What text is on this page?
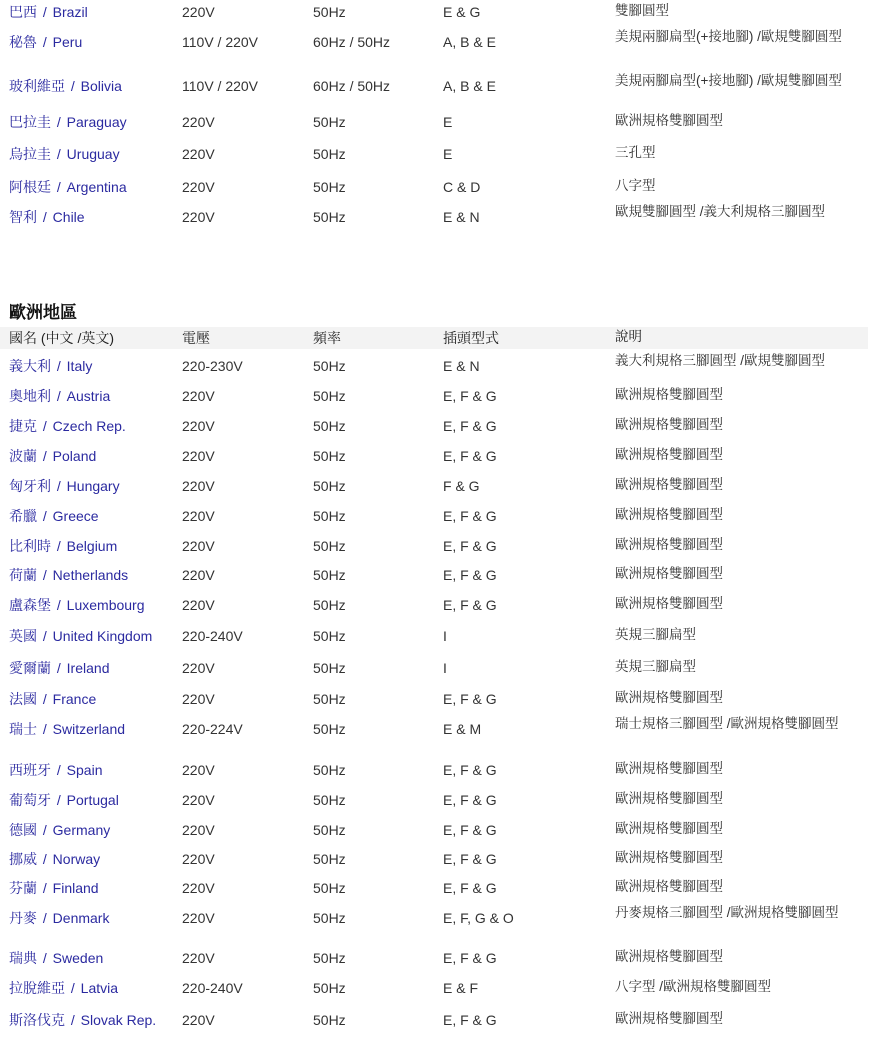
巴西 / Brazil	220V	50Hz	E & G	雙腳圓型
秘魯 / Peru	110V / 220V	60Hz / 50Hz	A, B & E	美規兩腳扁型(+接地腳) /歐規雙腳圓型
玻利維亞 / Bolivia	110V / 220V	60Hz / 50Hz	A, B & E	美規兩腳扁型(+接地腳) /歐規雙腳圓型
巴拉圭 / Paraguay	220V	50Hz	E	歐洲規格雙腳圓型
烏拉圭 / Uruguay	220V	50Hz	E	三孔型
阿根廷 / Argentina	220V	50Hz	C & D	八字型
智利 / Chile	220V	50Hz	E & N	歐規雙腳圓型 /義大利規格三腳圓型
歐洲地區
國名 (中文 /英文)	電壓	頻率	插頭型式	說明
義大利 / Italy	220-230V	50Hz	E & N	義大利規格三腳圓型 /歐規雙腳圓型
奧地利 / Austria	220V	50Hz	E, F & G	歐洲規格雙腳圓型
捷克 / Czech Rep.	220V	50Hz	E, F & G	歐洲規格雙腳圓型
波蘭 / Poland	220V	50Hz	E, F & G	歐洲規格雙腳圓型
匈牙利 / Hungary	220V	50Hz	F & G	歐洲規格雙腳圓型
希臘 / Greece	220V	50Hz	E, F & G	歐洲規格雙腳圓型
比利時 / Belgium	220V	50Hz	E, F & G	歐洲規格雙腳圓型
荷蘭 / Netherlands	220V	50Hz	E, F & G	歐洲規格雙腳圓型
盧森堡 / Luxembourg	220V	50Hz	E, F & G	歐洲規格雙腳圓型
英國 / United Kingdom 220-240V	50Hz	I	英規三腳扁型
愛爾蘭 / Ireland	220V	50Hz	I	英規三腳扁型
法國 / France	220V	50Hz	E, F & G	歐洲規格雙腳圓型
瑞士 / Switzerland	220-224V	50Hz	E & M	瑞士規格三腳圓型 /歐洲規格雙腳圓型
西班牙 / Spain	220V	50Hz	E, F & G	歐洲規格雙腳圓型
葡萄牙 / Portugal	220V	50Hz	E, F & G	歐洲規格雙腳圓型
德國 / Germany	220V	50Hz	E, F & G	歐洲規格雙腳圓型
挪威 / Norway	220V	50Hz	E, F & G	歐洲規格雙腳圓型
芬蘭 / Finland	220V	50Hz	E, F & G	歐洲規格雙腳圓型
丹麥 / Denmark	220V	50Hz	E, F, G & O	丹麥規格三腳圓型 /歐洲規格雙腳圓型
瑞典 / Sweden	220V	50Hz	E, F & G	歐洲規格雙腳圓型
拉脫維亞 / Latvia	220-240V	50Hz	E & F	八字型 /歐洲規格雙腳圓型
斯洛伐克 / Slovak Rep. 220V	50Hz	E, F & G	歐洲規格雙腳圓型
